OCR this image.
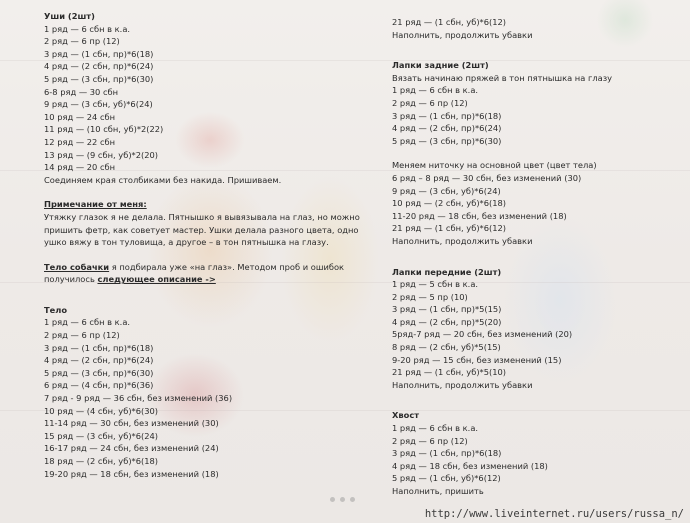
Уши (2шт)
1 ряд — 6 сбн в к.а.
2 ряд — 6 пр (12)
3 ряд — (1 сбн, пр)*6(18)
4 ряд — (2 сбн, пр)*6(24)
5 ряд — (3 сбн, пр)*6(30)
6-8 ряд — 30 сбн
9 ряд — (3 сбн, уб)*6(24)
10 ряд — 24 сбн
11 ряд — (10 сбн, уб)*2(22)
12 ряд — 22 сбн
13 ряд — (9 сбн, уб)*2(20)
14 ряд — 20 сбн
Соединяем края столбиками без накида. Пришиваем.
Примечание от меня:
Утяжку глазок я не делала. Пятнышко я вывязывала на глаз, но можно пришить фетр, как советует мастер. Ушки делала разного цвета, одно ушко вяжу в тон туловища, а другое – в тон пятнышка на глазу.
Тело собачки я подбирала уже «на глаз». Методом проб и ошибок получилось следующее описание ->
Тело
1 ряд — 6 сбн в к.а.
2 ряд — 6 пр (12)
3 ряд — (1 сбн, пр)*6(18)
4 ряд — (2 сбн, пр)*6(24)
5 ряд — (3 сбн, пр)*6(30)
6 ряд — (4 сбн, пр)*6(36)
7 ряд - 9 ряд — 36 сбн, без изменений (36)
10 ряд — (4 сбн, уб)*6(30)
11-14 ряд — 30 сбн, без изменений (30)
15 ряд — (3 сбн, уб)*6(24)
16-17 ряд — 24 сбн, без изменений (24)
18 ряд — (2 сбн, уб)*6(18)
19-20 ряд — 18 сбн, без изменений (18)
21 ряд — (1 сбн, уб)*6(12)
Наполнить, продолжить убавки
Лапки задние (2шт)
Вязать начинаю пряжей в тон пятнышка на глазу
1 ряд — 6 сбн в к.а.
2 ряд — 6 пр (12)
3 ряд — (1 сбн, пр)*6(18)
4 ряд — (2 сбн, пр)*6(24)
5 ряд — (3 сбн, пр)*6(30)
Меняем ниточку на основной цвет (цвет тела)
6 ряд – 8 ряд — 30 сбн, без изменений (30)
9 ряд — (3 сбн, уб)*6(24)
10 ряд — (2 сбн, уб)*6(18)
11-20 ряд — 18 сбн, без изменений (18)
21 ряд — (1 сбн, уб)*6(12)
Наполнить, продолжить убавки
Лапки передние (2шт)
1 ряд — 5 сбн в к.а.
2 ряд — 5 пр (10)
3 ряд — (1 сбн, пр)*5(15)
4 ряд — (2 сбн, пр)*5(20)
5ряд-7 ряд — 20 сбн, без изменений (20)
8 ряд — (2 сбн, уб)*5(15)
9-20 ряд — 15 сбн, без изменений (15)
21 ряд — (1 сбн, уб)*5(10)
Наполнить, продолжить убавки
Хвост
1 ряд — 6 сбн в к.а.
2 ряд — 6 пр (12)
3 ряд — (1 сбн, пр)*6(18)
4 ряд — 18 сбн, без изменений (18)
5 ряд — (1 сбн, уб)*6(12)
Наполнить, пришить
http://www.liveinternet.ru/users/russa_n/
